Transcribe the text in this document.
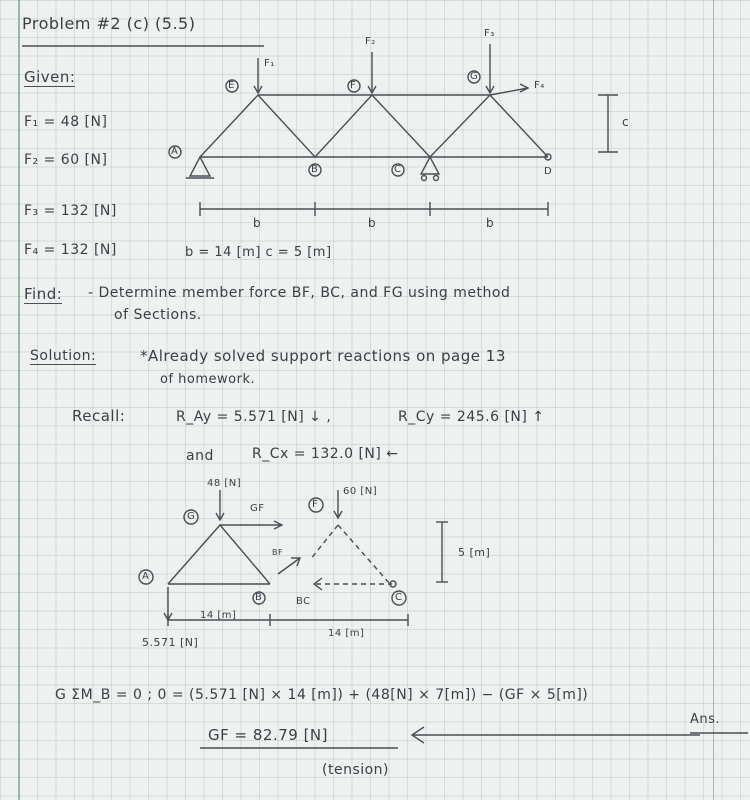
Problem #2 (c) (5.5)
Given:
F₁ = 48 [N]
F₂ = 60 [N]
F₃ = 132 [N]
F₄ = 132 [N]	b = 14 [m] c = 5 [m]
A
E
B
F
C
G
D
F₁
F₂
F₃
F₄
c
b	b	b
Find: - Determine member force BF, BC, and FG using method
of Sections.
Solution:	*Already solved support reactions on page 13
of homework.
Recall:	R_Ay = 5.571 [N] ↓ ,	R_Cy = 245.6 [N] ↑
and	R_Cx = 132.0 [N] ←
A
G
B
F
C
48 [N]
60 [N]
GF
BF
BC
14 [m]
14 [m]
5.571 [N]
5 [m]
G ΣM_B = 0 ; 0 = (5.571 [N] × 14 [m]) + (48[N] × 7[m]) − (GF × 5[m])
GF = 82.79 [N]
Ans.
(tension)
